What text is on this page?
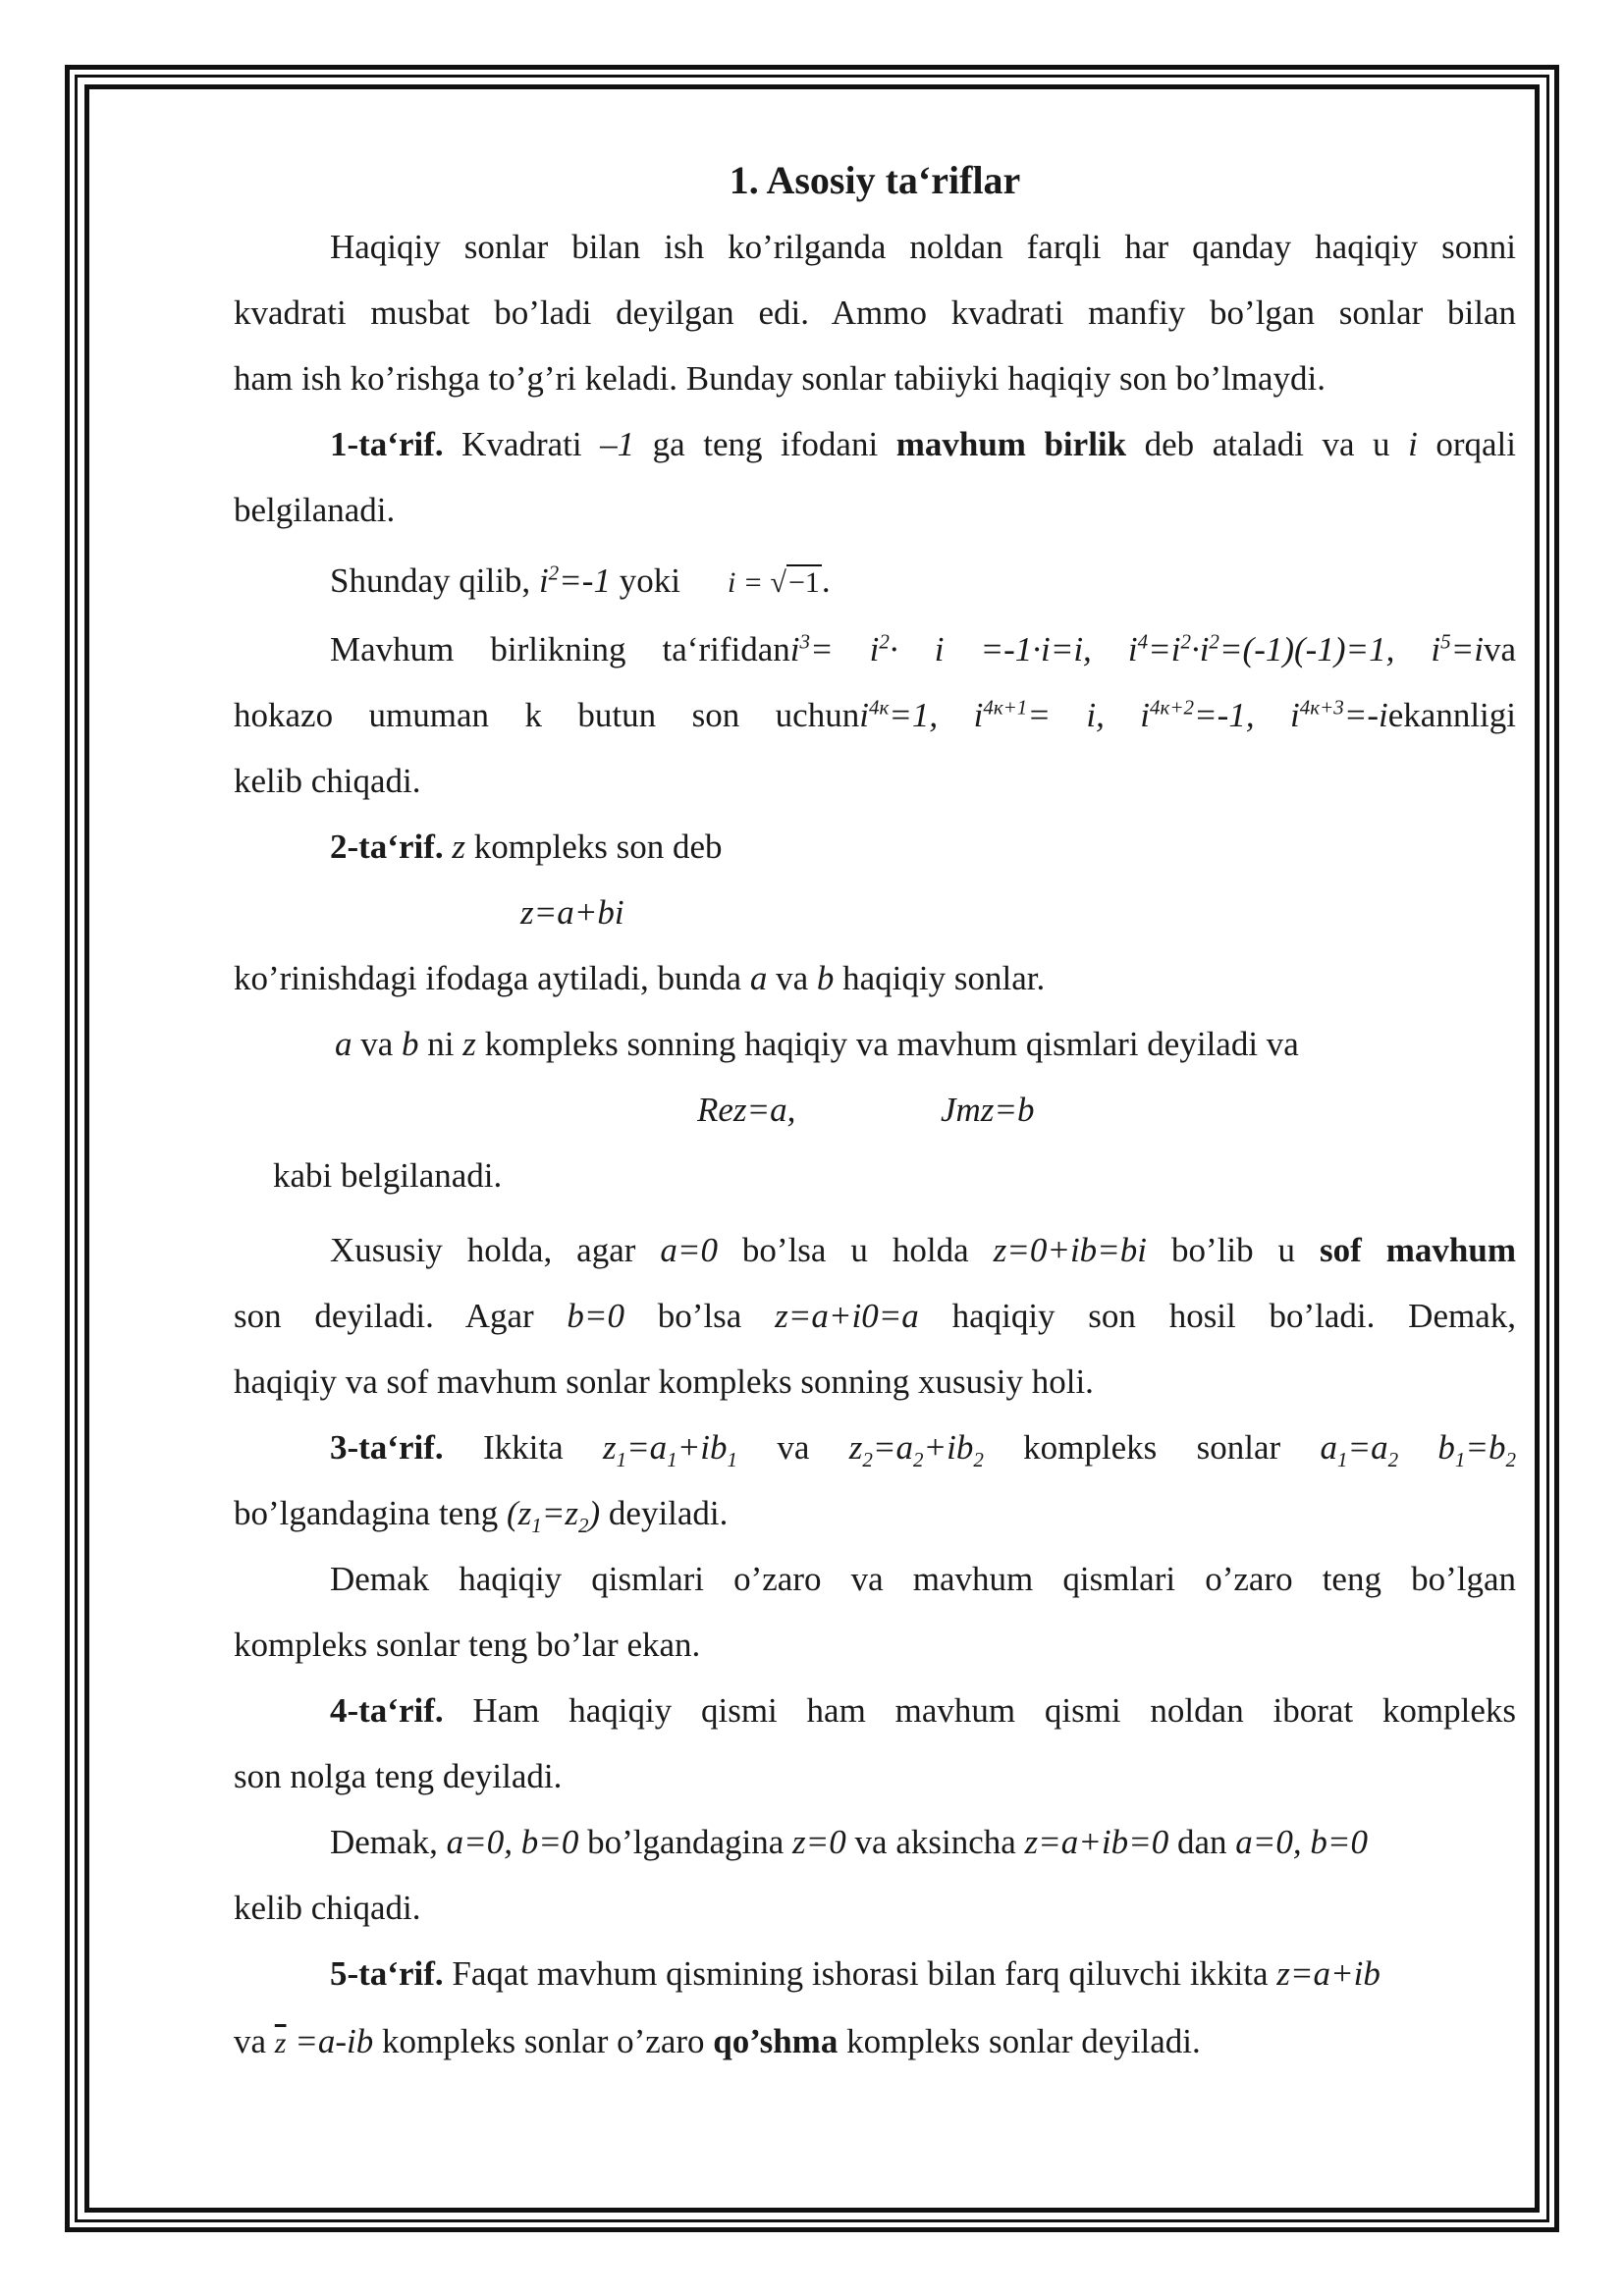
1. Asosiy ta‘riflar
Haqiqiy sonlar bilan ish ko’rilganda noldan farqli har qanday haqiqiy sonni
kvadrati musbat bo’ladi deyilgan edi. Ammo kvadrati manfiy bo’lgan sonlar bilan
ham ish ko’rishga to’g’ri keladi. Bunday sonlar tabiiyki haqiqiy son bo’lmaydi.
1-ta‘rif. Kvadrati –1 ga teng ifodani mavhum birlik deb ataladi va u i orqali
belgilanadi.
Shunday qilib, $i^2=-1$ yoki i = √−1.
Mavhum birlikning ta‘rifidani$^3$= $i^2\cdot i =-1\cdot i=i$, $i^4=i^2\cdot i^2=(-1)(-1)=1$, $i^5=iva$
hokazo umuman k butun son uchuni$^{4к}$=1, $i^{4к+1}= i$, $i^{4к+2}=-1$, $i^{4к+3}=$-iekannligi
kelib chiqadi.
2-ta‘rif. z kompleks son deb
z=a+bi
ko’rinishdagi ifodaga aytiladi, bunda a va b haqiqiy sonlar.
a va b ni z kompleks sonning haqiqiy va mavhum qismlari deyiladi va
Rez=a,	Jmz=b
kabi belgilanadi.
Xususiy holda, agar a=0 bo’lsa u holda z=0+ib=bi bo’lib u sof mavhum
son deyiladi. Agar b=0 bo’lsa z=a+i0=a haqiqiy son hosil bo’ladi. Demak,
haqiqiy va sof mavhum sonlar kompleks sonning xususiy holi.
3-ta‘rif. Ikkita $z_1=a_1+ib_1$ va $z_2=a_2+ib_2$ kompleks sonlar $a_1=a_2$ $b_1=b_2$
bo’lgandagina teng $(z_1=z_2)$ deyiladi.
Demak haqiqiy qismlari o’zaro va mavhum qismlari o’zaro teng bo’lgan
kompleks sonlar teng bo’lar ekan.
4-ta‘rif. Ham haqiqiy qismi ham mavhum qismi noldan iborat kompleks
son nolga teng deyiladi.
Demak, a=0, b=0 bo’lgandagina z=0 va aksincha z=a+ib=0 dan a=0, b=0
kelib chiqadi.
5-ta‘rif. Faqat mavhum qismining ishorasi bilan farq qiluvchi ikkita z=a+ib
va $\overline{z} =a-ib$ kompleks sonlar o’zaro qo’shma kompleks sonlar deyiladi.
